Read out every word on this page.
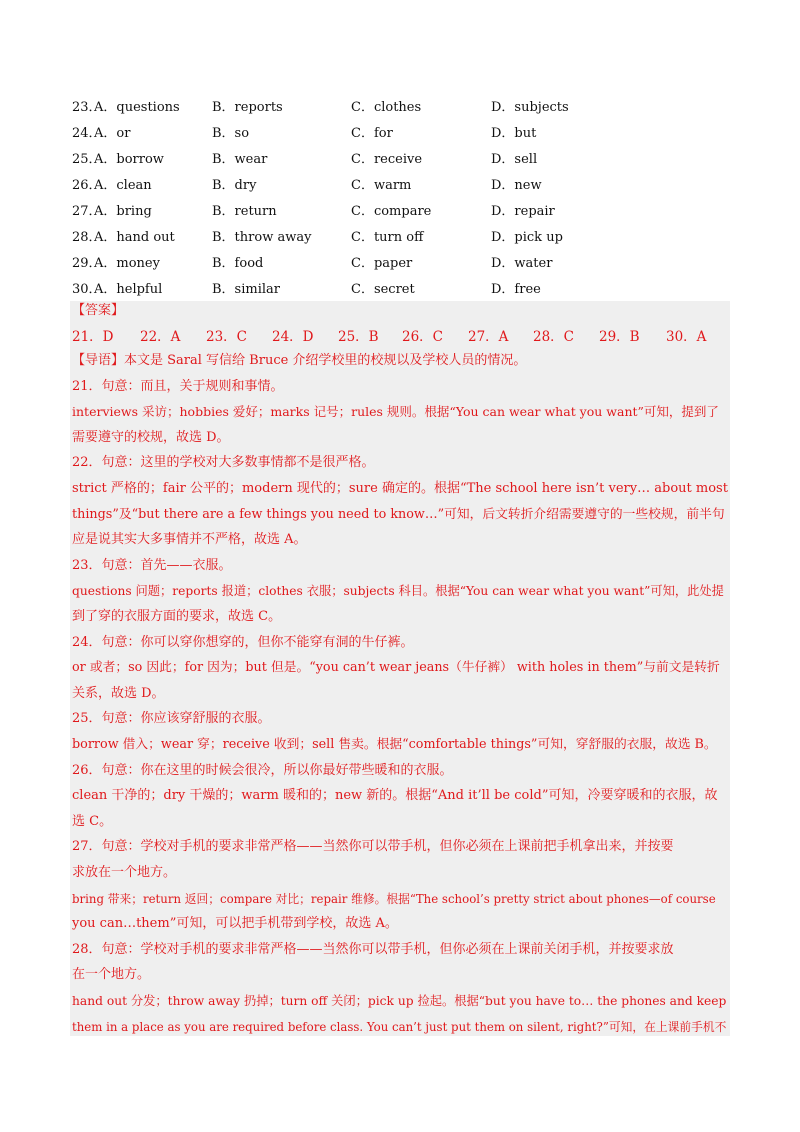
23．
A．questions B．reports	C．clothes	D．subjects
24．
A．or	B．so	C．for	D．but
25．
A．borrow	B．wear	C．receive	D．sell
26．
A．clean	B．dry	C．warm	D．new
27．
A．bring	B．return	C．compare	D．repair
28．
A．hand out	B．throw away	C．turn off	D．pick up
29．
A．money	B．food	C．paper	D．water
30．
A．helpful	B．similar	C．secret	D．free
【答案】
21．D 22．A 23．C 24．D 25．B 26．C 27．A 28．C 29．B 30．A
【导语】本文是 Saral 写信给 Bruce 介绍学校里的校规以及学校人员的情况。
21．句意：而且，关于规则和事情。
interviews 采访；hobbies 爱好；marks 记号；rules 规则。根据“You can wear what you want”可知，提到了
需要遵守的校规，故选 D。
22．句意：这里的学校对大多数事情都不是很严格。
strict 严格的；fair 公平的；modern 现代的；sure 确定的。根据“The school here isn’t very… about most
things”及“but there are a few things you need to know…”可知，后文转折介绍需要遵守的一些校规，前半句
应是说其实大多事情并不严格，故选 A。
23．句意：首先——衣服。
questions 问题；reports 报道；clothes 衣服；subjects 科目。根据“You can wear what you want”可知，此处提
到了穿的衣服方面的要求，故选 C。
24．句意：你可以穿你想穿的，但你不能穿有洞的牛仔裤。
or 或者；so 因此；for 因为；but 但是。“you can’t wear jeans（牛仔裤） with holes in them”与前文是转折
关系，故选 D。
25．句意：你应该穿舒服的衣服。
borrow 借入；wear 穿；receive 收到；sell 售卖。根据“comfortable things”可知，穿舒服的衣服，故选 B。
26．句意：你在这里的时候会很冷，所以你最好带些暖和的衣服。
clean 干净的；dry 干燥的；warm 暖和的；new 新的。根据“And it’ll be cold”可知，冷要穿暖和的衣服，故
选 C。
27．句意：学校对手机的要求非常严格——当然你可以带手机，但你必须在上课前把手机拿出来，并按要
求放在一个地方。
bring 带来；return 返回；compare 对比；repair 维修。根据“The school’s pretty strict about phones—of course
you can…them”可知，可以把手机带到学校，故选 A。
28．句意：学校对手机的要求非常严格——当然你可以带手机，但你必须在上课前关闭手机，并按要求放
在一个地方。
hand out 分发；throw away 扔掉；turn off 关闭；pick up 捡起。根据“but you have to… the phones and keep
them in a place as you are required before class. You can’t just put them on silent, right?”可知，在上课前手机不
